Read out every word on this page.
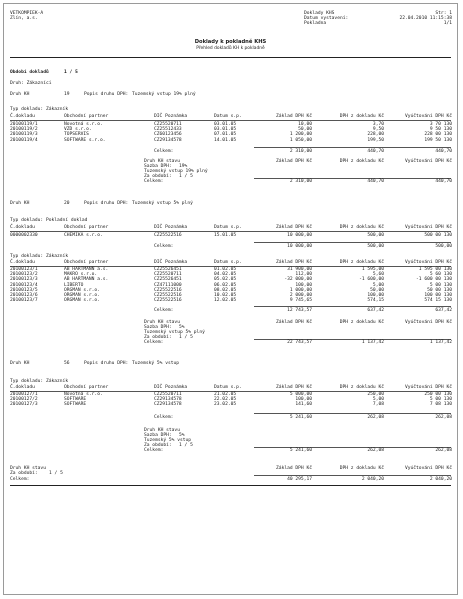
VETKOMPIEK-A
Zlín, a.s.
Doklady KHS	Str: 1
Datum vystavení:	22.04.2010 11:15:38
Pokladna	1/1
Doklady k pokladně KHS
Přehled dokladů KH k pokladně
Období dokladů	1 / 5
Druh: Zákazníci
Druh KH	19	Popis druhu DPH: Tuzemský vstup 19% plný
Typ dokladu: Zákazník
Č.dokladu	Obchodní partner	DIČ Poznámka	Datum s.p.	Základ DPH Kč	DPH z dokladu Kč	Vyúčtování DPH Kč
20100119/1	Novotná s.r.o.	CZ25520711	03.01.05	10,00	3,70	3 70 130
20100119/2	VZD s.r.o.	CZ25512433	03.01.05	50,00	9,50	9 50 130
20100119/3	TOPSERVIS	CZ60123456	07.01.05	1 200,00	228,00	228 00 130
20100119/4	SOFTWARE s.r.o.	CZ29134578	14.01.05	1 050,00	199,50	199 50 130
Celkem:	2 310,00	440,70	440,70
Druh KH stavu	Základ DPH Kč	DPH z dokladu Kč	Vyúčtování DPH Kč
Sazba DPH: 19%
Tuzemský vstup 19% plný
Za období: 1 / 5
Celkem:	2 310,00	440,70	440,70
Druh KH	20	Popis druhu DPH: Tuzemský vstup 5% plný
Typ dokladu: Pokladní doklad
Č.dokladu	Obchodní partner	DIČ Poznámka	Datum s.p.	Základ DPH Kč	DPH z dokladu Kč	Vyúčtování DPH Kč
0000002330	CHEMIKA s.r.o.	CZ25522516	15.01.05	10 000,00	500,00	500 00 130
Celkem:	10 000,00	500,00	500,00
Typ dokladu: Zákazník
Č.dokladu	Obchodní partner	DIČ Poznámka	Datum s.p.	Základ DPH Kč	DPH z dokladu Kč	Vyúčtování DPH Kč
20100123/1	AB HARTMANN a.s.	CZ25526451	01.02.05	31 900,00	1 595,00	1 595 00 130
20100123/2	MAKRO s.r.o.	CZ25520711	04.02.05	112,00	5,60	5 60 130
20100123/3	AB HARTMANN a.s.	CZ25526451	05.02.05	-32 000,00	-1 600,00	-1 600 00 130
20100123/4	LIBERTO	CZ47111000	06.02.05	100,00	5,00	5 00 130
20100123/5	ORGMAN s.r.o.	CZ25522516	08.02.05	1 000,00	50,00	50 00 130
20100123/6	ORGMAN s.r.o.	CZ25522516	10.02.05	2 000,00	100,00	100 00 130
20100123/7	ORGMAN s.r.o.	CZ25522516	12.02.05	9 745,65	574,15	574 15 130
Celkem:	12 743,57	637,42	637,42
Druh KH stavu	Základ DPH Kč	DPH z dokladu Kč	Vyúčtování DPH Kč
Sazba DPH: 5%
Tuzemský vstup 5% plný
Za období: 1 / 5
Celkem:	22 743,57	1 137,42	1 137,42
Druh KH	56	Popis druhu DPH: Tuzemský 5% vstup
Typ dokladu: Zákazník
Č.dokladu	Obchodní partner	DIČ Poznámka	Datum s.p.	Základ DPH Kč	DPH z dokladu Kč	Vyúčtování DPH Kč
20100127/1	Novotná s.r.o.	CZ25520711	21.02.05	5 000,00	250,00	250 00 130
20100127/2	SOFTWARE	CZ29134578	22.02.05	100,00	5,00	5 00 130
20100127/3	SOFTWARE	CZ29134578	23.02.05	141,60	7,08	7 08 130
Celkem:	5 241,60	262,08	262,08
Druh KH stavu
Sazba DPH: 5%
Tuzemský 5% vstup
Za období: 1 / 5
Celkem:	5 241,60	262,08	262,08
Druh KH stavu
Za období: 1 / 5
Základ DPH Kč	DPH z dokladu Kč	Vyúčtování DPH Kč
Celkem:	40 295,17	2 040,20	2 040,20
